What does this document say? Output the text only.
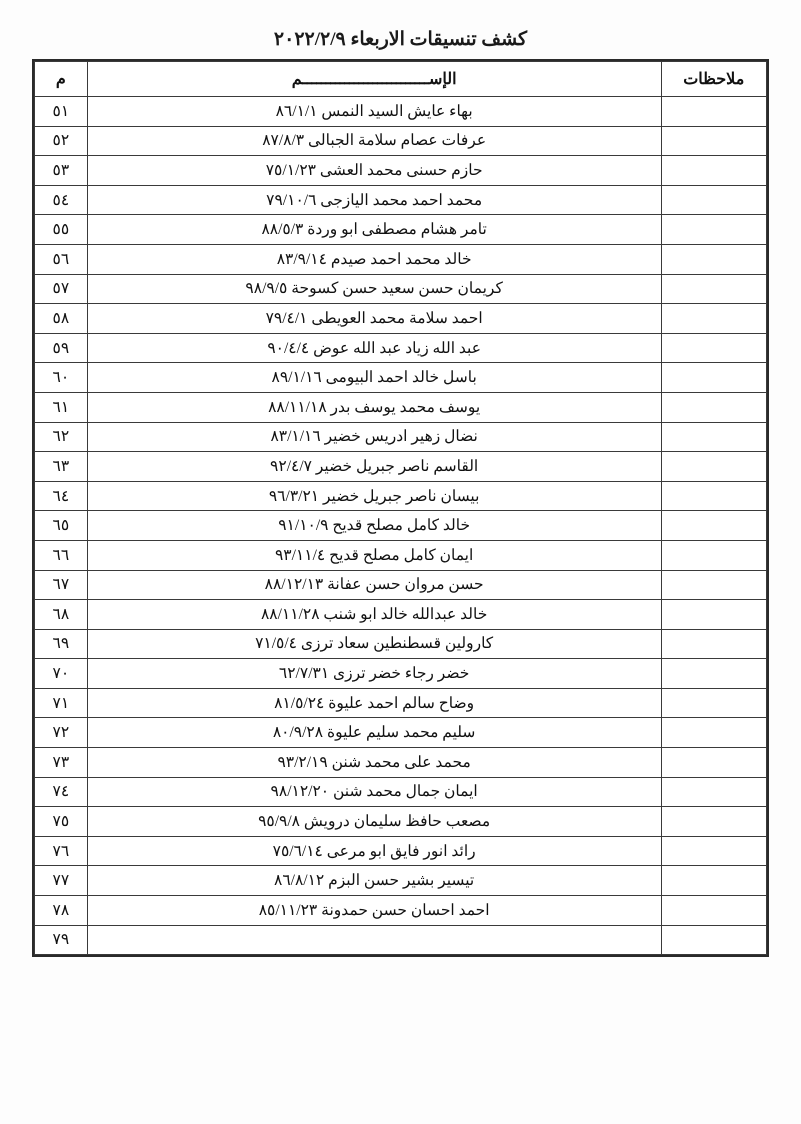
كشف تنسيقات الاربعاء ٢٠٢٢/٢/٩
ملاحظات	الإســـــــــــــــــــــــــــم	م
	بهاء عايش السيد النمس ٨٦/١/١	٥١
	عرفات عصام سلامة الجبالى ٨٧/٨/٣	٥٢
	حازم حسنى محمد العشى ٧٥/١/٢٣	٥٣
	محمد احمد محمد اليازجى ٧٩/١٠/٦	٥٤
	تامر هشام مصطفى ابو وردة ٨٨/٥/٣	٥٥
	خالد محمد احمد صيدم ٨٣/٩/١٤	٥٦
	كريمان حسن سعيد حسن كسوحة ٩٨/٩/٥	٥٧
	احمد سلامة محمد العويطى ٧٩/٤/١	٥٨
	عبد الله زياد عبد الله عوض ٩٠/٤/٤	٥٩
	باسل خالد احمد البيومى ٨٩/١/١٦	٦٠
	يوسف محمد يوسف بدر ٨٨/١١/١٨	٦١
	نضال زهير ادريس خضير ٨٣/١/١٦	٦٢
	القاسم ناصر جبريل خضير ٩٢/٤/٧	٦٣
	بيسان ناصر جبريل خضير ٩٦/٣/٢١	٦٤
	خالد كامل مصلح قديح ٩١/١٠/٩	٦٥
	ايمان كامل مصلح قديح ٩٣/١١/٤	٦٦
	حسن مروان حسن عفانة ٨٨/١٢/١٣	٦٧
	خالد عبدالله خالد ابو شنب ٨٨/١١/٢٨	٦٨
	كارولين قسطنطين سعاد ترزى ٧١/٥/٤	٦٩
	خضر رجاء خضر ترزى ٦٢/٧/٣١	٧٠
	وضاح سالم احمد عليوة ٨١/٥/٢٤	٧١
	سليم محمد سليم عليوة ٨٠/٩/٢٨	٧٢
	محمد على محمد شنن ٩٣/٢/١٩	٧٣
	ايمان جمال محمد شنن ٩٨/١٢/٢٠	٧٤
	مصعب حافظ سليمان درويش ٩٥/٩/٨	٧٥
	رائد انور فايق ابو مرعى ٧٥/٦/١٤	٧٦
	تيسير بشير حسن البزم ٨٦/٨/١٢	٧٧
	احمد احسان حسن حمدونة ٨٥/١١/٢٣	٧٨
		٧٩
